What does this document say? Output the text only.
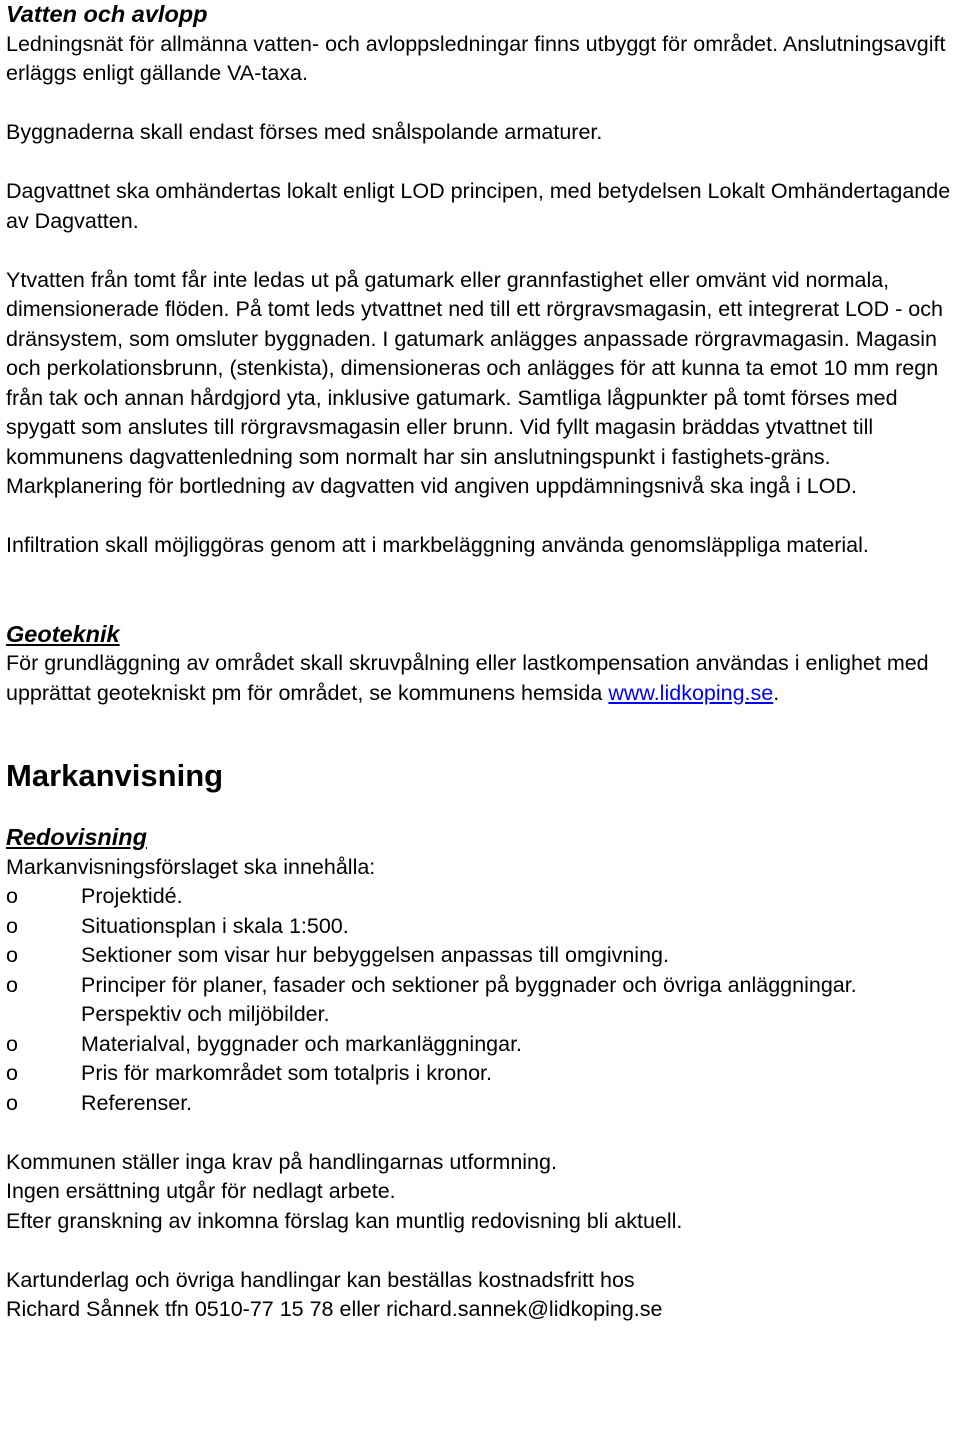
Vatten och avlopp

Ledningsnät för allmänna vatten- och avloppsledningar finns utbyggt för området. Anslutningsavgift erläggs enligt gällande VA-taxa.

Byggnaderna skall endast förses med snålspolande armaturer.

Dagvattnet ska omhändertas lokalt enligt LOD principen, med betydelsen Lokalt Omhändertagande av Dagvatten.

Ytvatten från tomt får inte ledas ut på gatumark eller grannfastighet eller omvänt vid normala, dimensionerade flöden. På tomt leds ytvattnet ned till ett rörgravsmagasin, ett integrerat LOD - och dränsystem, som omsluter byggnaden. I gatumark anlägges anpassade rörgravmagasin. Magasin och perkolationsbrunn, (stenkista), dimensioneras och anlägges för att kunna ta emot 10 mm regn från tak och annan hårdgjord yta, inklusive gatumark. Samtliga lågpunkter på tomt förses med spygatt som anslutes till rörgravsmagasin eller brunn. Vid fyllt magasin bräddas ytvattnet till kommunens dagvattenledning som normalt har sin anslutningspunkt i fastighets-gräns. Markplanering för bortledning av dagvatten vid angiven uppdämningsnivå ska ingå i LOD.

Infiltration skall möjliggöras genom att i markbeläggning använda genomsläppliga material.

Geoteknik

För grundläggning av området skall skruvpålning eller lastkompensation användas i enlighet med upprättat geotekniskt pm för området, se kommunens hemsida www.lidkoping.se.

Markanvisning
Redovisning

Markanvisningsförslaget ska innehålla:

o	Projektidé.
o	Situationsplan i skala 1:500.
o	Sektioner som visar hur bebyggelsen anpassas till omgivning.
o	Principer för planer, fasader och sektioner på byggnader och övriga anläggningar. Perspektiv och miljöbilder.
o	Materialval, byggnader och markanläggningar.
o	Pris för markområdet som totalpris i kronor.
o	Referenser.

Kommunen ställer inga krav på handlingarnas utformning.

Ingen ersättning utgår för nedlagt arbete.

Efter granskning av inkomna förslag kan muntlig redovisning bli aktuell.

Kartunderlag och övriga handlingar kan beställas kostnadsfritt hos

Richard Sånnek tfn 0510-77 15 78 eller richard.sannek@lidkoping.se
